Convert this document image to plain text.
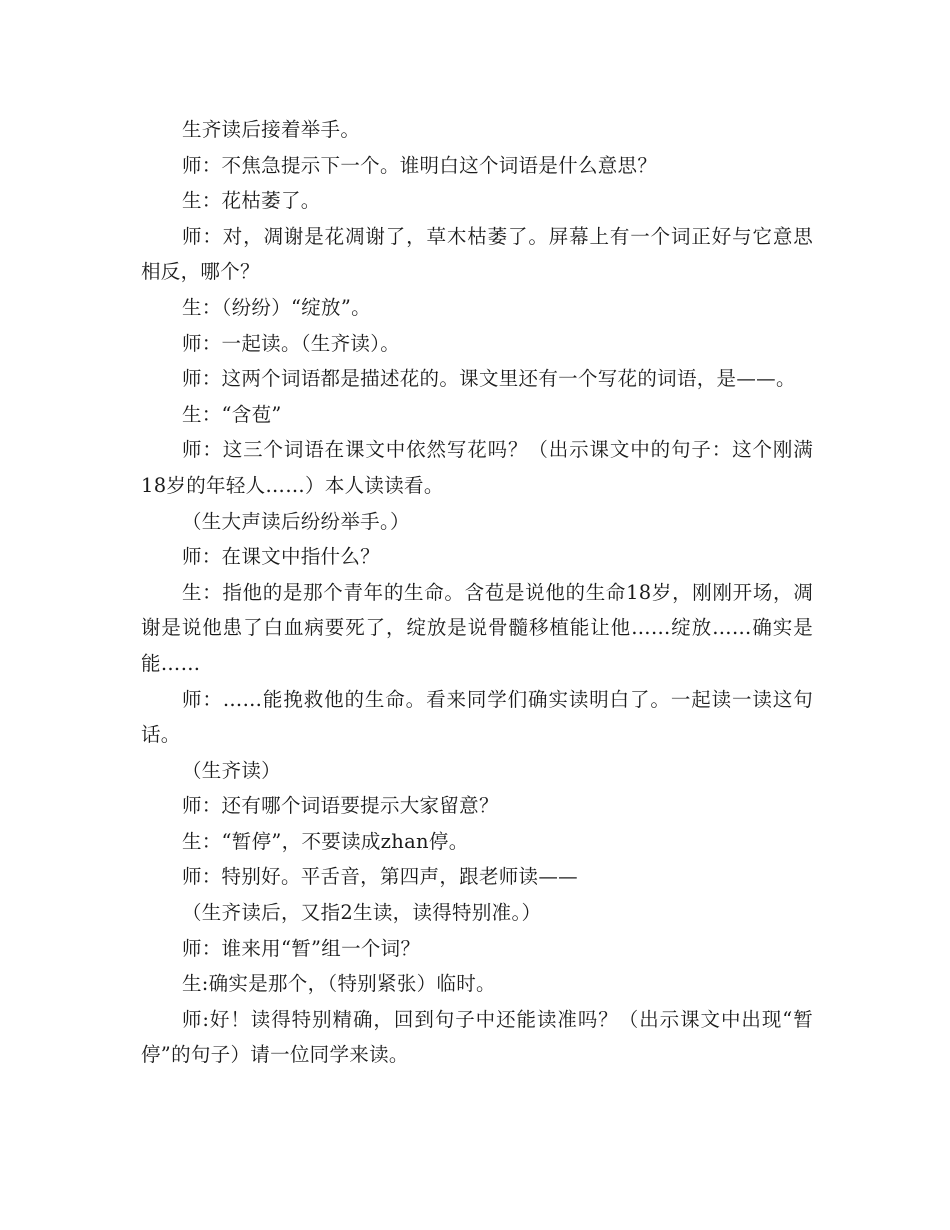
生齐读后接着举手。

师：不焦急提示下一个。谁明白这个词语是什么意思？

生：花枯萎了。

师：对，凋谢是花凋谢了，草木枯萎了。屏幕上有一个词正好与它意思相反，哪个？

生：（纷纷）“绽放”。

师：一起读。（生齐读）。

师：这两个词语都是描述花的。课文里还有一个写花的词语，是——。

生：“含苞”

师：这三个词语在课文中依然写花吗？（出示课文中的句子：这个刚满18岁的年轻人……）本人读读看。

（生大声读后纷纷举手。）

师：在课文中指什么？

生：指他的是那个青年的生命。含苞是说他的生命18岁，刚刚开场，凋谢是说他患了白血病要死了，绽放是说骨髓移植能让他……绽放……确实是能……

师：……能挽救他的生命。看来同学们确实读明白了。一起读一读这句话。

（生齐读）

师：还有哪个词语要提示大家留意？

生：“暂停”，不要读成zhan停。

师：特别好。平舌音，第四声，跟老师读——

（生齐读后，又指2生读，读得特别准。）

师：谁来用“暂”组一个词？

生:确实是那个，（特别紧张）临时。

师:好！读得特别精确，回到句子中还能读准吗？（出示课文中出现“暂停”的句子）请一位同学来读。
